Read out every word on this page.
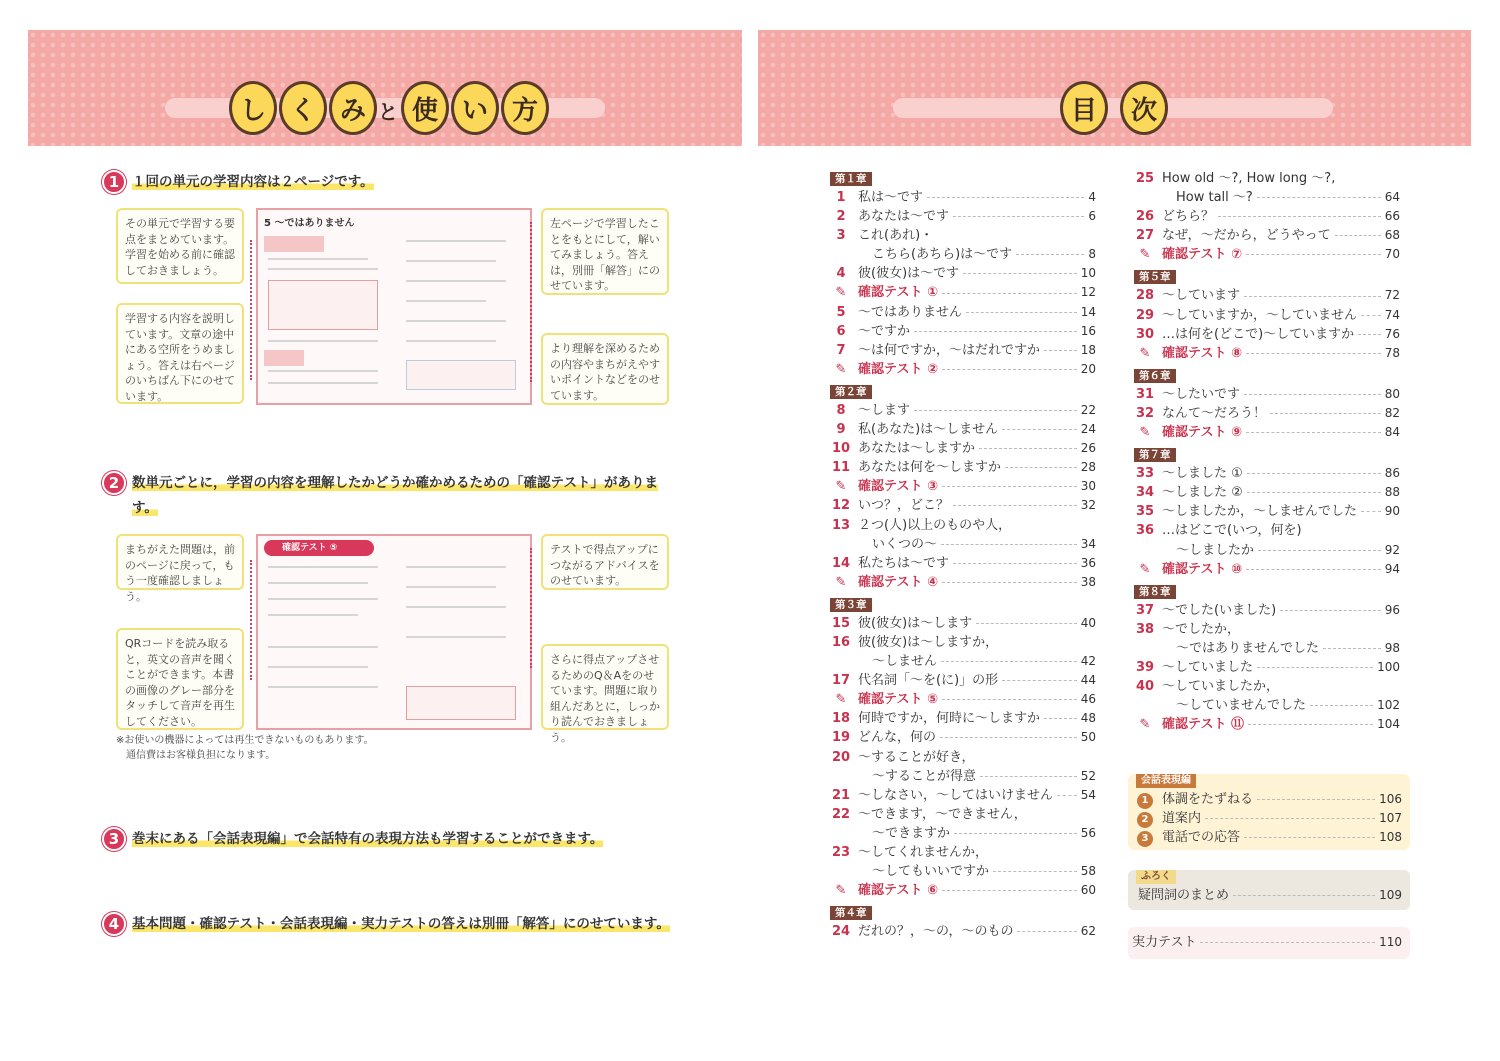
し く み と 使 い 方
1 １回の単元の学習内容は２ページです。
2 数単元ごとに，学習の内容を理解したかどうか確かめるための「確認テスト」があります。
3 巻末にある「会話表現編」で会話特有の表現方法も学習することができます。
4 基本問題・確認テスト・会話表現編・実力テストの答えは別冊「解答」にのせています。
その単元で学習する要点をまとめています。学習を始める前に確認しておきましょう。
学習する内容を説明しています。文章の途中にある空所をうめましょう。答えは右ページのいちばん下にのせています。
左ページで学習したことをもとにして，解いてみましょう。答えは，別冊「解答」にのせています。
より理解を深めるための内容やまちがえやすいポイントなどをのせています。
まちがえた問題は，前のページに戻って，もう一度確認しましょう。
QRコードを読み取ると，英文の音声を聞くことができます。本書の画像のグレー部分をタッチして音声を再生してください。
テストで得点アップにつながるアドバイスをのせています。
さらに得点アップさせるためのQ＆Aをのせています。問題に取り組んだあとに，しっかり読んでおきましょう。
5 ～ではありません
確認テスト ⑤
※お使いの機器によっては再生できないものもあります。
通信費はお客様負担になります。
目	次
第１章
1 私は～です	4
2 あなたは～です	6
3 これ(あれ)・
こちら(あちら)は～です	8
4 彼(彼女)は～です	10
✎ 確認テスト ①	12
5 ～ではありません	14
6 ～ですか	16
7 ～は何ですか，～はだれですか	18
✎ 確認テスト ②	20
第２章
8 ～します	22
9 私(あなた)は～しません	24
10 あなたは～しますか	26
11 あなたは何を～しますか	28
✎ 確認テスト ③	30
12 いつ？，どこ？	32
13 ２つ(人)以上のものや人，
いくつの～	34
14 私たちは～です	36
✎ 確認テスト ④	38
第３章
15 彼(彼女)は～します	40
16 彼(彼女)は～しますか，
～しません	42
17 代名詞「～を(に)」の形	44
✎ 確認テスト ⑤	46
18 何時ですか，何時に～しますか	48
19 どんな，何の	50
20 ～することが好き，
～することが得意	52
21 ～しなさい，～してはいけません 54
22 ～できます，～できません，
～できますか	56
23 ～してくれませんか，
～してもいいですか	58
✎ 確認テスト ⑥	60
第４章
24 だれの？，～の，～のもの	62
25 How old ～?, How long ～?,
How tall ～?	64
26 どちら？	66
27 なぜ，～だから，どうやって	68
✎ 確認テスト ⑦	70
第５章
28 ～しています	72
29 ～していますか，～していません 74
30 …は何を(どこで)～していますか	76
✎ 確認テスト ⑧	78
第６章
31 ～したいです	80
32 なんて～だろう！	82
✎ 確認テスト ⑨	84
第７章
33 ～しました ①	86
34 ～しました ②	88
35 ～しましたか，～しませんでした 90
36 …はどこで(いつ，何を)
～しましたか	92
✎ 確認テスト ⑩	94
第８章
37 ～でした(いました)	96
38 ～でしたか，
～ではありませんでした	98
39 ～していました	100
40 ～していましたか，
～していませんでした	102
✎ 確認テスト ⑪	104
会話表現編
1	体調をたずねる	106
2	道案内	107
3	電話での応答	108
ふろく
疑問詞のまとめ	109
実力テスト	110
